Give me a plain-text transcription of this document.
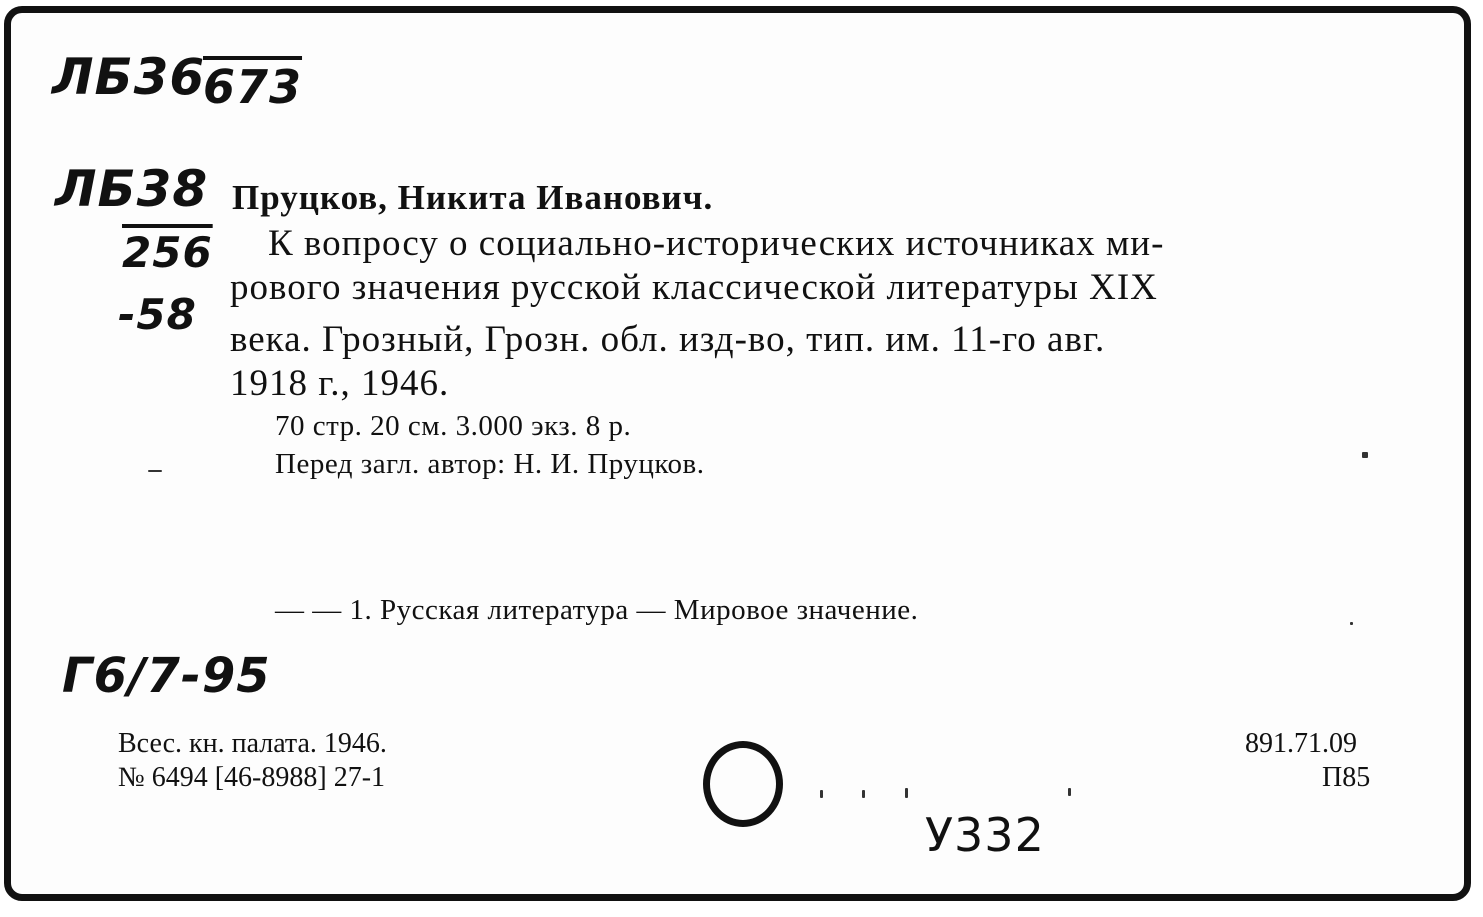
ЛБ36
673
ЛБ38
256
-58
Пруцков, Никита Иванович.
К вопросу о социально-исторических источниках ми-
рового значения русской классической литературы XIX
века. Грозный, Грозн. обл. изд-во, тип. им. 11-го авг.
1918 г., 1946.
70 стр. 20 см. 3.000 экз. 8 р.
Перед загл. автор: Н. И. Пруцков.
— — 1. Русская литература — Мировое значение.
Г6/7-95
Всес. кн. палата. 1946.
№ 6494 [46-8988] 27-1
891.71.09
П85
У332
